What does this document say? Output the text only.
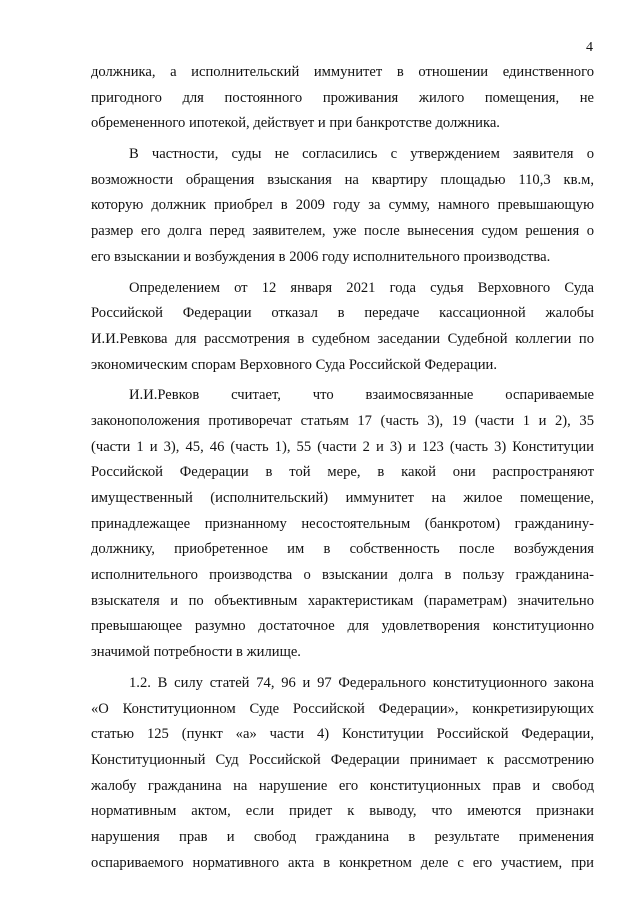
4
должника, а исполнительский иммунитет в отношении единственного
пригодного для постоянного проживания жилого помещения, не
обремененного ипотекой, действует и при банкротстве должника.
В частности, суды не согласились с утверждением заявителя о
возможности обращения взыскания на квартиру площадью 110,3 кв.м,
которую должник приобрел в 2009 году за сумму, намного превышающую
размер его долга перед заявителем, уже после вынесения судом решения о
его взыскании и возбуждения в 2006 году исполнительного производства.
Определением от 12 января 2021 года судья Верховного Суда
Российской Федерации отказал в передаче кассационной жалобы
И.И.Ревкова для рассмотрения в судебном заседании Судебной коллегии по
экономическим спорам Верховного Суда Российской Федерации.
И.И.Ревков считает, что взаимосвязанные оспариваемые
законоположения противоречат статьям 17 (часть 3), 19 (части 1 и 2), 35
(части 1 и 3), 45, 46 (часть 1), 55 (части 2 и 3) и 123 (часть 3) Конституции
Российской Федерации в той мере, в какой они распространяют
имущественный (исполнительский) иммунитет на жилое помещение,
принадлежащее признанному несостоятельным (банкротом) гражданину-
должнику, приобретенное им в собственность после возбуждения
исполнительного производства о взыскании долга в пользу гражданина-
взыскателя и по объективным характеристикам (параметрам) значительно
превышающее разумно достаточное для удовлетворения конституционно
значимой потребности в жилище.
1.2. В силу статей 74, 96 и 97 Федерального конституционного закона
«О Конституционном Суде Российской Федерации», конкретизирующих
статью 125 (пункт «а» части 4) Конституции Российской Федерации,
Конституционный Суд Российской Федерации принимает к рассмотрению
жалобу гражданина на нарушение его конституционных прав и свобод
нормативным актом, если придет к выводу, что имеются признаки
нарушения прав и свобод гражданина в результате применения
оспариваемого нормативного акта в конкретном деле с его участием, при
